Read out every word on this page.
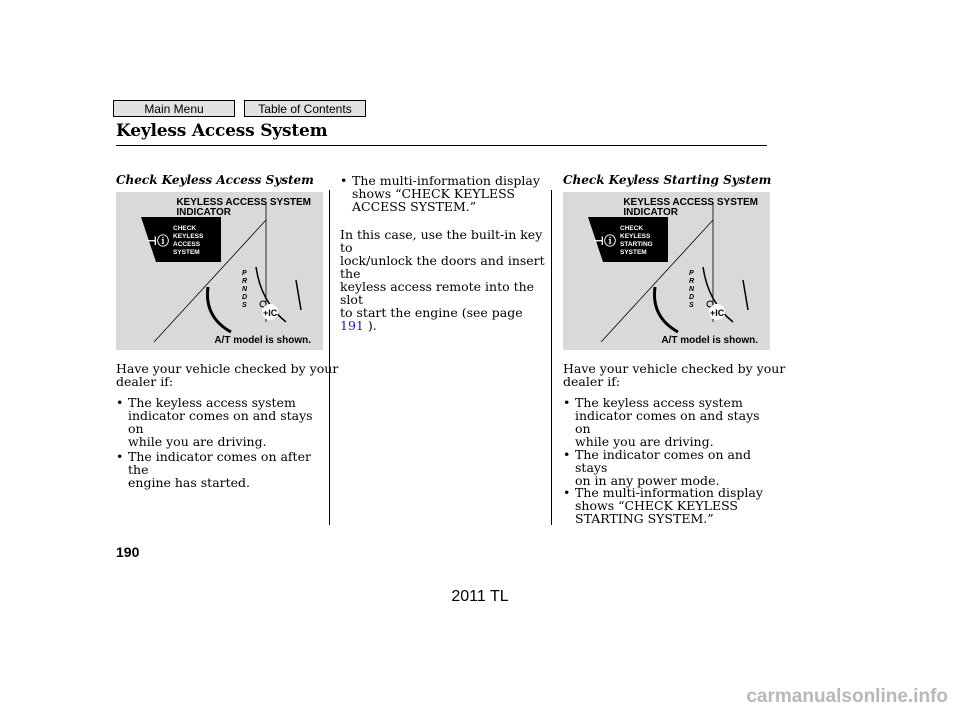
Main Menu	Table of Contents
Keyless Access System
Check Keyless Access System
+IC
KEYLESS ACCESS SYSTEM
INDICATOR
⊣ⓘ
CHECK
KEYLESS
ACCESS
SYSTEM
P
R
N
D
S
A/T model is shown.
Have your vehicle checked by your
dealer if:
• The keyless access system
indicator comes on and stays on
while you are driving.
• The indicator comes on after the
engine has started.
• The multi-information display
shows “CHECK KEYLESS
ACCESS SYSTEM.”
In this case, use the built-in key to
lock/unlock the doors and insert the
keyless access remote into the slot
to start the engine (see page 191 ).
Check Keyless Starting System
+IC
KEYLESS ACCESS SYSTEM
INDICATOR
⊣ⓘ
CHECK
KEYLESS
STARTING
SYSTEM
P
R
N
D
S
A/T model is shown.
Have your vehicle checked by your
dealer if:
• The keyless access system
indicator comes on and stays on
while you are driving.
• The indicator comes on and stays
on in any power mode.
• The multi-information display
shows “CHECK KEYLESS
STARTING SYSTEM.”
190
2011 TL
carmanualsonline.info
